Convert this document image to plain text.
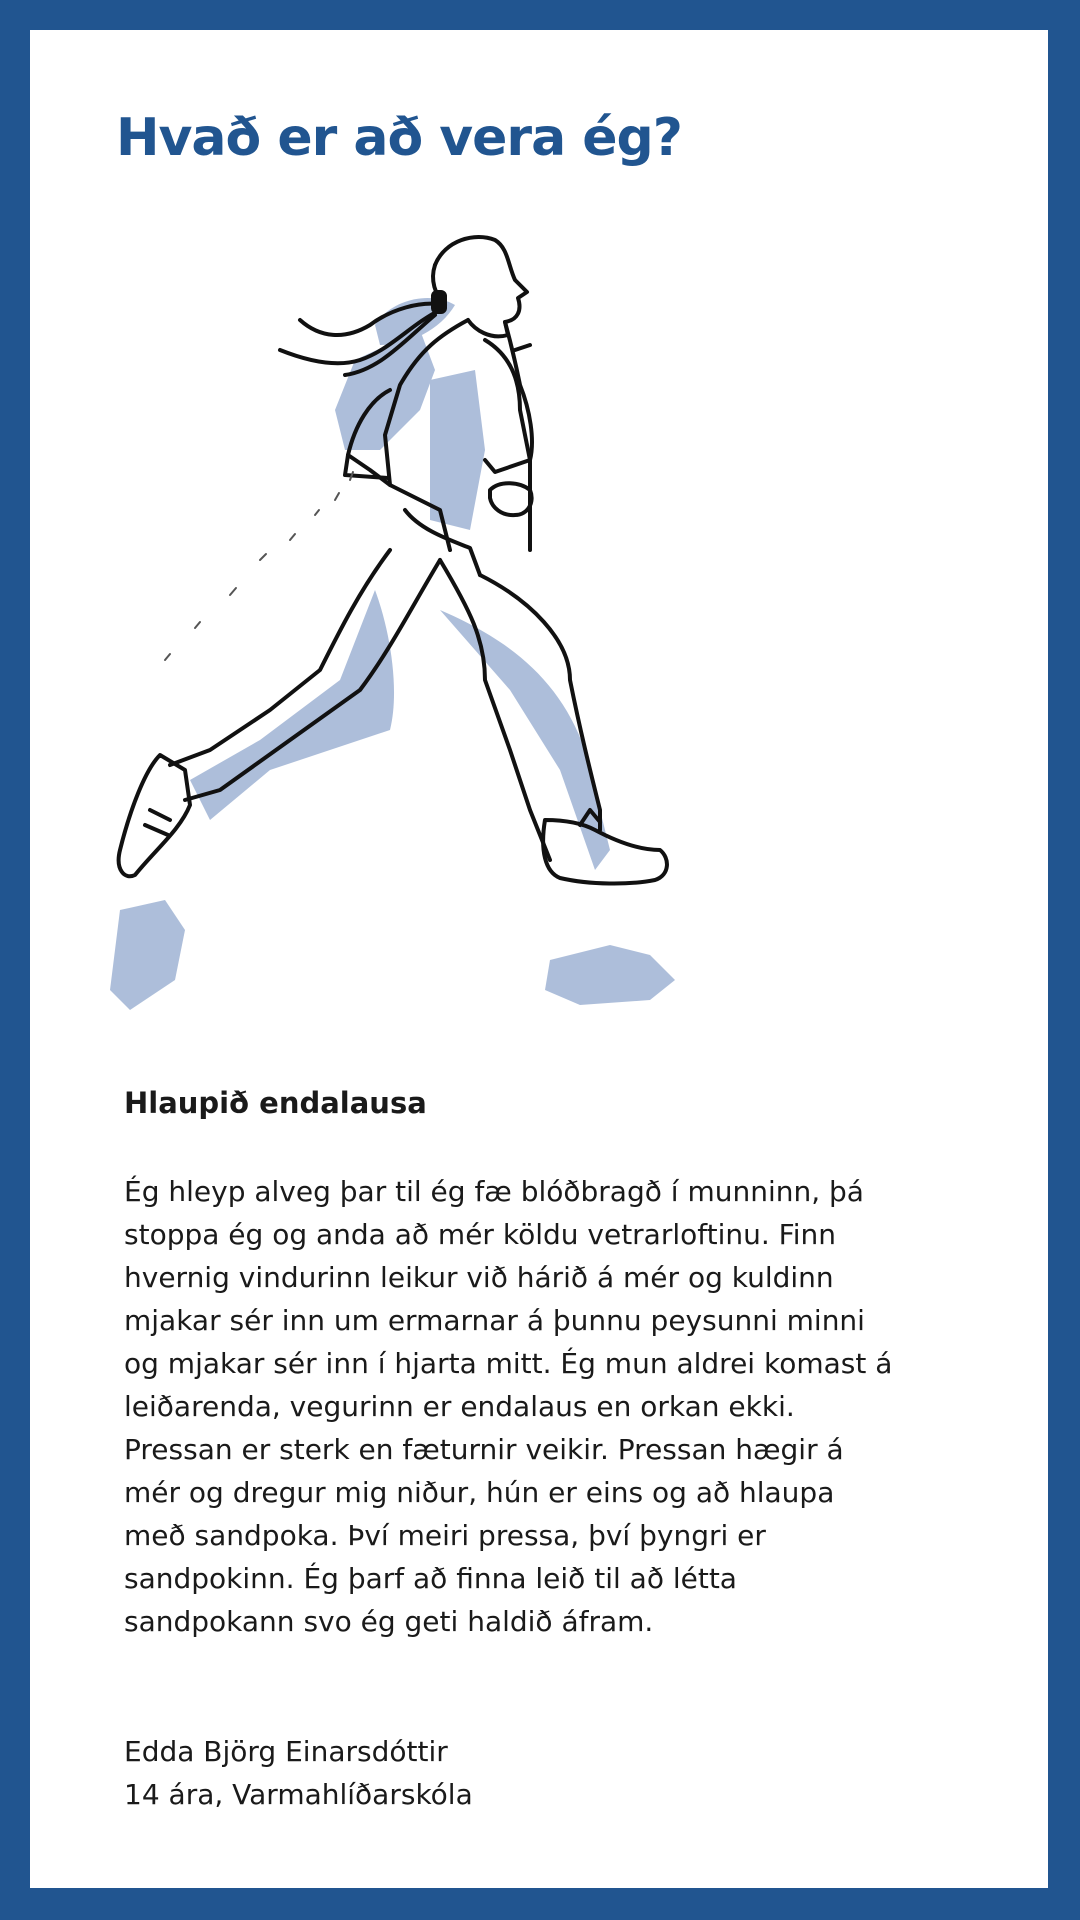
Hvað er að vera ég?
Hlaupið endalausa

Ég hleyp alveg þar til ég fæ blóðbragð í munninn, þá stoppa ég og anda að mér köldu vetrarloftinu. Finn hvernig vindurinn leikur við hárið á mér og kuldinn mjakar sér inn um ermarnar á þunnu peysunni minni og mjakar sér inn í hjarta mitt. Ég mun aldrei komast á leiðarenda, vegurinn er endalaus en orkan ekki. Pressan er sterk en fæturnir veikir. Pressan hægir á mér og dregur mig niður, hún er eins og að hlaupa með sandpoka. Því meiri pressa, því þyngri er sandpokinn. Ég þarf að finna leið til að létta sandpokann svo ég geti haldið áfram.

Edda Björg Einarsdóttir
14 ára, Varmahlíðarskóla
